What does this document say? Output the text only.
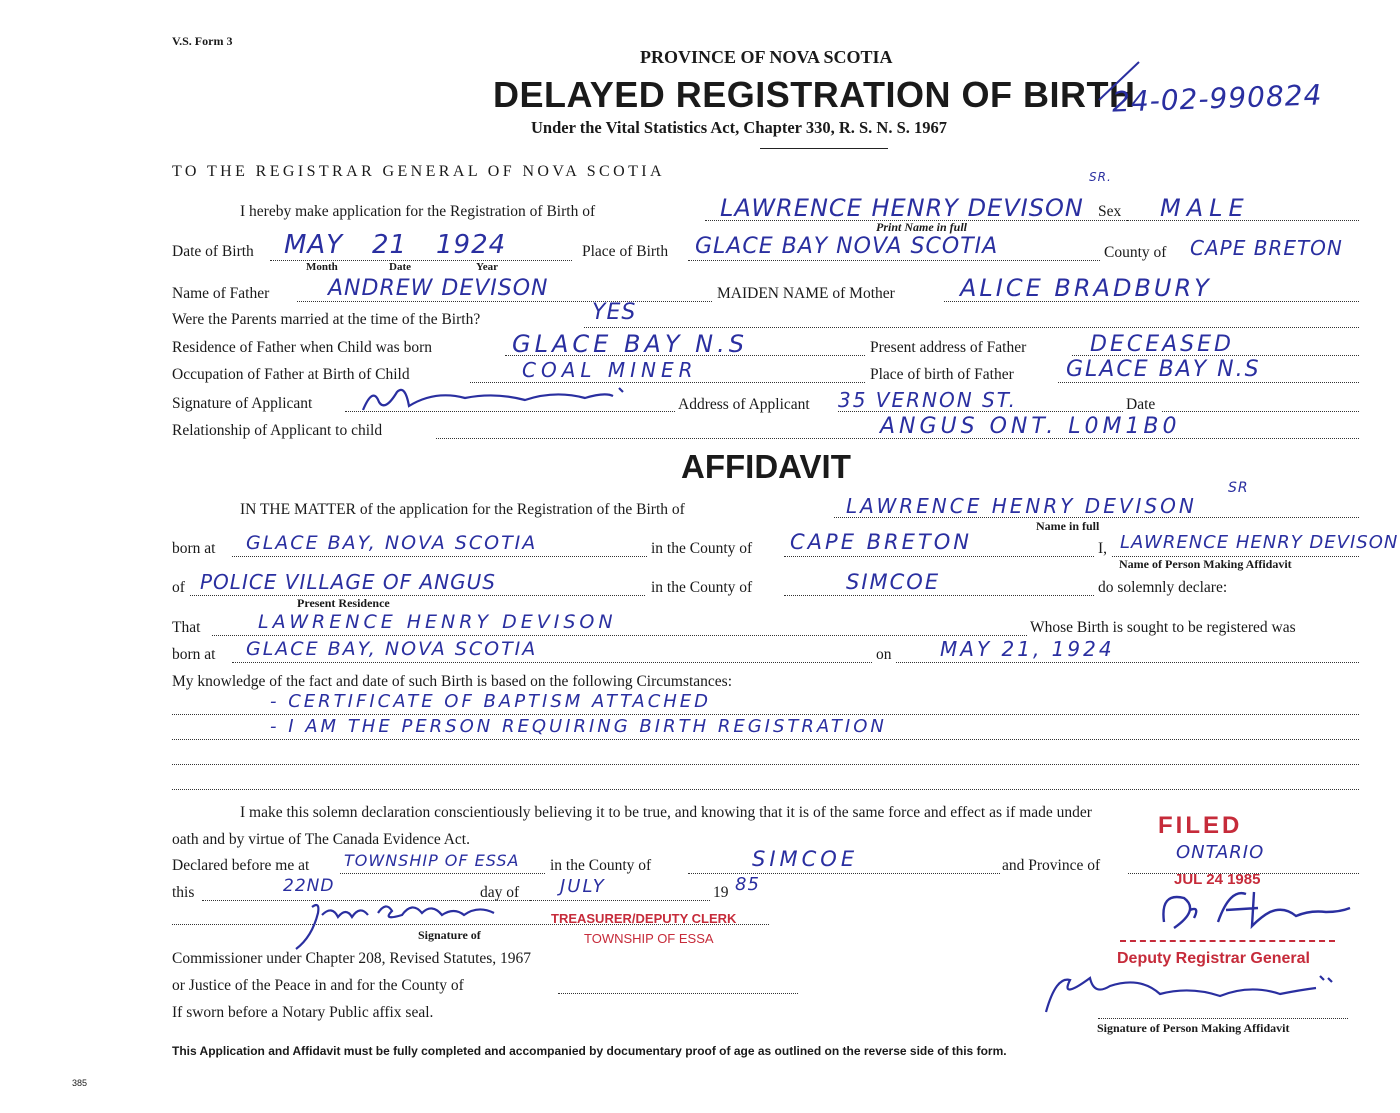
V.S. Form 3
PROVINCE OF NOVA SCOTIA
DELAYED REGISTRATION OF BIRTH
Under the Vital Statistics Act, Chapter 330, R. S. N. S. 1967
24-02-990824
TO THE REGISTRAR GENERAL OF NOVA SCOTIA
I hereby make application for the Registration of Birth of	LAWRENCE HENRY DEVISON
SR.
Print Name in full
Sex MALE
Date of Birth MAY 21 1924
Month	Date	Year
Place of Birth GLACE BAY NOVA SCOTIA	County of CAPE BRETON
Name of Father	ANDREW DEVISON	MAIDEN NAME of Mother	ALICE BRADBURY
Were the Parents married at the time of the Birth?	YES
Residence of Father when Child was born	GLACE BAY N.S	Present address of Father	DECEASED
Occupation of Father at Birth of Child	COAL MINER	Place of birth of Father GLACE BAY N.S
Signature of Applicant	Address of Applicant 35 VERNON ST.	Date
Relationship of Applicant to child	ANGUS ONT. L0M1B0
AFFIDAVIT
IN THE MATTER of the application for the Registration of the Birth of	LAWRENCE HENRY DEVISON
SR
Name in full
born at GLACE BAY, NOVA SCOTIA	in the County of CAPE BRETON	I, LAWRENCE HENRY DEVISON
Name of Person Making Affidavit
of POLICE VILLAGE OF ANGUS
Present Residence
in the County of	SIMCOE	do solemnly declare:
That	LAWRENCE HENRY DEVISON	Whose Birth is sought to be registered was
born at GLACE BAY, NOVA SCOTIA	on MAY 21, 1924
My knowledge of the fact and date of such Birth is based on the following Circumstances:
- CERTIFICATE OF BAPTISM ATTACHED
- I AM THE PERSON REQUIRING BIRTH REGISTRATION
I make this solemn declaration conscientiously believing it to be true, and knowing that it is of the same force and effect as if made under
oath and by virtue of The Canada Evidence Act.
Declared before me at TOWNSHIP OF ESSA in the County of	SIMCOE	and Province of
ONTARIO
this	22ND	day of JULY	19 85
Signature of
TREASURER/DEPUTY CLERK
TOWNSHIP OF ESSA
Commissioner under Chapter 208, Revised Statutes, 1967
or Justice of the Peace in and for the County of
If sworn before a Notary Public affix seal.
FILED
JUL 24 1985
Deputy Registrar General
Signature of Person Making Affidavit
This Application and Affidavit must be fully completed and accompanied by documentary proof of age as outlined on the reverse side of this form.
385
